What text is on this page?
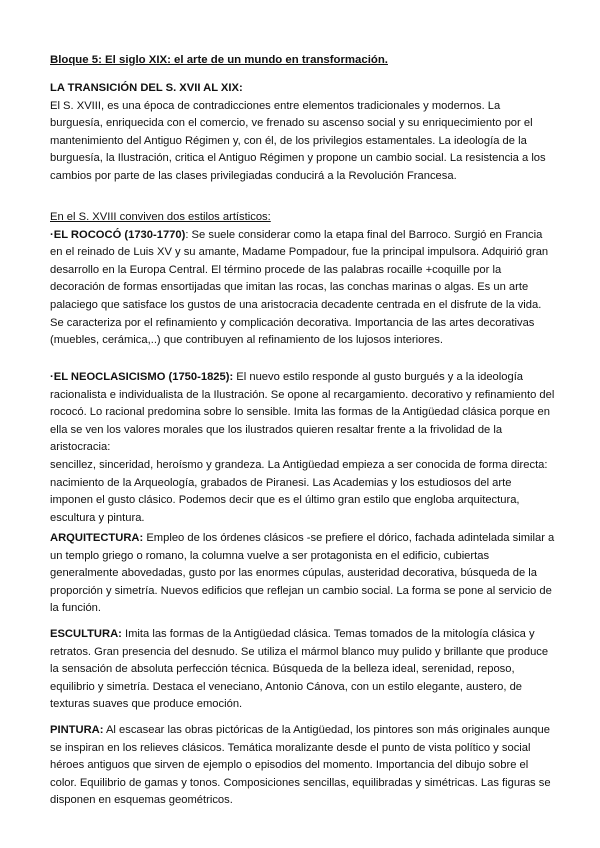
Bloque 5: El siglo XIX: el arte de un mundo en transformación.

LA TRANSICIÓN DEL S. XVII AL XIX:

El S. XVIII, es una época de contradicciones entre elementos tradicionales y modernos. La burguesía, enriquecida con el comercio, ve frenado su ascenso social y su enriquecimiento por el mantenimiento del Antiguo Régimen y, con él, de los privilegios estamentales. La ideología de la burguesía, la Ilustración, critica el Antiguo Régimen y propone un cambio social. La resistencia a los cambios por parte de las clases privilegiadas conducirá a la Revolución Francesa.

En el S. XVIII conviven dos estilos artísticos:

·EL ROCOCÓ (1730-1770): Se suele considerar como la etapa final del Barroco. Surgió en Francia en el reinado de Luis XV y su amante, Madame Pompadour, fue la principal impulsora. Adquirió gran desarrollo en la Europa Central. El término procede de las palabras rocaille +coquille por la decoración de formas ensortijadas que imitan las rocas, las conchas marinas o algas. Es un arte palaciego que satisface los gustos de una aristocracia decadente centrada en el disfrute de la vida. Se caracteriza por el refinamiento y complicación decorativa. Importancia de las artes decorativas (muebles, cerámica,..) que contribuyen al refinamiento de los lujosos interiores.

·EL NEOCLASICISMO (1750-1825): El nuevo estilo responde al gusto burgués y a la ideología racionalista e individualista de la Ilustración. Se opone al recargamiento. decorativo y refinamiento del rococó. Lo racional predomina sobre lo sensible. Imita las formas de la Antigüedad clásica porque en ella se ven los valores morales que los ilustrados quieren resaltar frente a la frivolidad de la aristocracia:

sencillez, sinceridad, heroísmo y grandeza. La Antigüedad empieza a ser conocida de forma directa: nacimiento de la Arqueología, grabados de Piranesi. Las Academias y los estudiosos del arte imponen el gusto clásico. Podemos decir que es el último gran estilo que engloba arquitectura, escultura y pintura.

ARQUITECTURA: Empleo de los órdenes clásicos -se prefiere el dórico, fachada adintelada similar a un templo griego o romano, la columna vuelve a ser protagonista en el edificio, cubiertas generalmente abovedadas, gusto por las enormes cúpulas, austeridad decorativa, búsqueda de la proporción y simetría. Nuevos edificios que reflejan un cambio social. La forma se pone al servicio de la función.

ESCULTURA: Imita las formas de la Antigüedad clásica. Temas tomados de la mitología clásica y retratos. Gran presencia del desnudo. Se utiliza el mármol blanco muy pulido y brillante que produce la sensación de absoluta perfección técnica. Búsqueda de la belleza ideal, serenidad, reposo, equilibrio y simetría. Destaca el veneciano, Antonio Cánova, con un estilo elegante, austero, de texturas suaves que produce emoción.

PINTURA: Al escasear las obras pictóricas de la Antigüedad, los pintores son más originales aunque se inspiran en los relieves clásicos. Temática moralizante desde el punto de vista político y social héroes antiguos que sirven de ejemplo o episodios del momento. Importancia del dibujo sobre el color. Equilibrio de gamas y tonos. Composiciones sencillas, equilibradas y simétricas. Las figuras se disponen en esquemas geométricos.
